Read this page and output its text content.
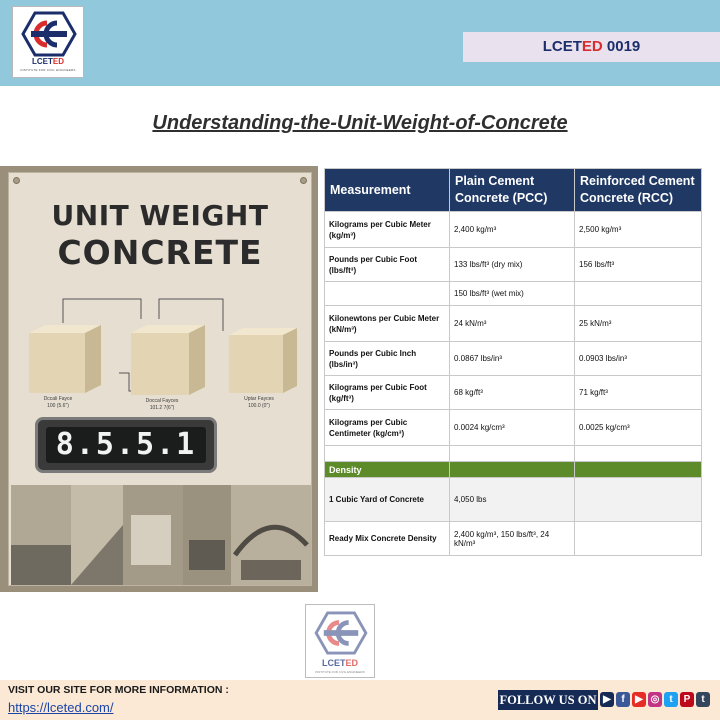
LCETED
INSTITUTE FOR CIVIL ENGINEERS
LCETED 0019
Understanding-the-Unit-Weight-of-Concrete
UNIT WEIGHT
CONCRETE
Dccali Fayce
100 (5.6")
Doccal Fayces
101.2 7(6")
Uptar Fayces
100.0 (0")
8.5.5.1
Measurement	Plain Cement Concrete (PCC)	Reinforced Cement Concrete (RCC)
Kilograms per Cubic Meter (kg/m³)	2,400 kg/m³	2,500 kg/m³
Pounds per Cubic Foot (lbs/ft³)	133 lbs/ft³ (dry mix)	156 lbs/ft³
	150 lbs/ft³ (wet mix)	
Kilonewtons per Cubic Meter (kN/m³)	24 kN/m³	25 kN/m³
Pounds per Cubic Inch (lbs/in³)	0.0867 lbs/in³	0.0903 lbs/in³
Kilograms per Cubic Foot (kg/ft³)	68 kg/ft³	71 kg/ft³
Kilograms per Cubic Centimeter (kg/cm³)	0.0024 kg/cm³	0.0025 kg/cm³

Density		
1 Cubic Yard of Concrete	4,050 lbs	
Ready Mix Concrete Density	2,400 kg/m³, 150 lbs/ft³, 24 kN/m³	
LCETED
INSTITUTE FOR CIVIL ENGINEERS
VISIT OUR SITE FOR MORE INFORMATION :
https://lceted.com/	FOLLOW US ON ▶	f	▶ ◎ t	P	t
